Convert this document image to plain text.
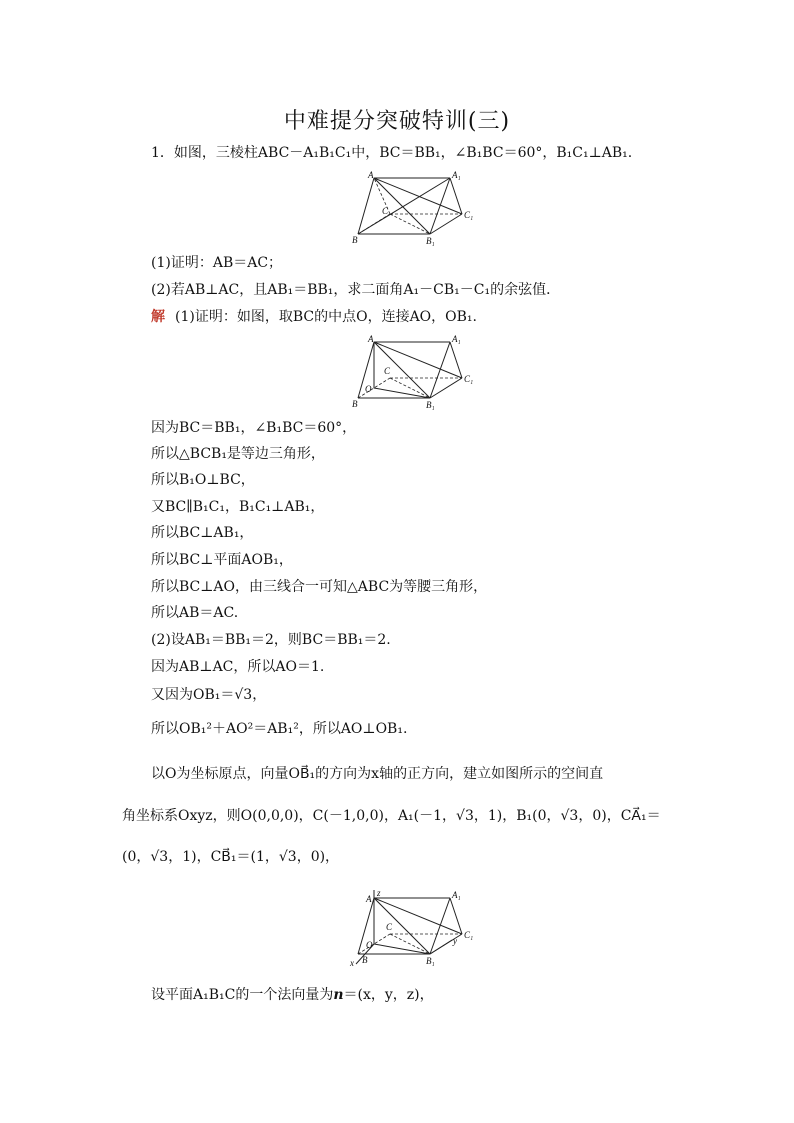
中难提分突破特训(三)
1．如图，三棱柱ABC－A₁B₁C₁中，BC＝BB₁，∠B₁BC＝60°，B₁C₁⊥AB₁.
A	A₁
B	B₁
C	C₁
(1)证明：AB＝AC；
(2)若AB⊥AC，且AB₁＝BB₁，求二面角A₁－CB₁－C₁的余弦值．
解 (1)证明：如图，取BC的中点O，连接AO，OB₁.
A	A₁
B	B₁
C
C₁
O
因为BC＝BB₁，∠B₁BC＝60°，
所以△BCB₁是等边三角形，
所以B₁O⊥BC，
又BC∥B₁C₁，B₁C₁⊥AB₁，
所以BC⊥AB₁，
所以BC⊥平面AOB₁，
所以BC⊥AO，由三线合一可知△ABC为等腰三角形，
所以AB＝AC.
(2)设AB₁＝BB₁＝2，则BC＝BB₁＝2.
因为AB⊥AC，所以AO＝1.
又因为OB₁＝√3，
所以OB₁²＋AO²＝AB₁²，所以AO⊥OB₁.
以O为坐标原点，向量OB⃗₁的方向为x轴的正方向，建立如图所示的空间直
角坐标系Oxyz，则O(0,0,0)，C(－1,0,0)，A₁(－1，√3，1)，B₁(0，√3，0)，CA⃗₁＝
(0，√3，1)，CB⃗₁＝(1，√3，0)，
z
A	A₁
B	B₁
C
C₁
O
x
y
设平面A₁B₁C的一个法向量为n＝(x，y，z)，
